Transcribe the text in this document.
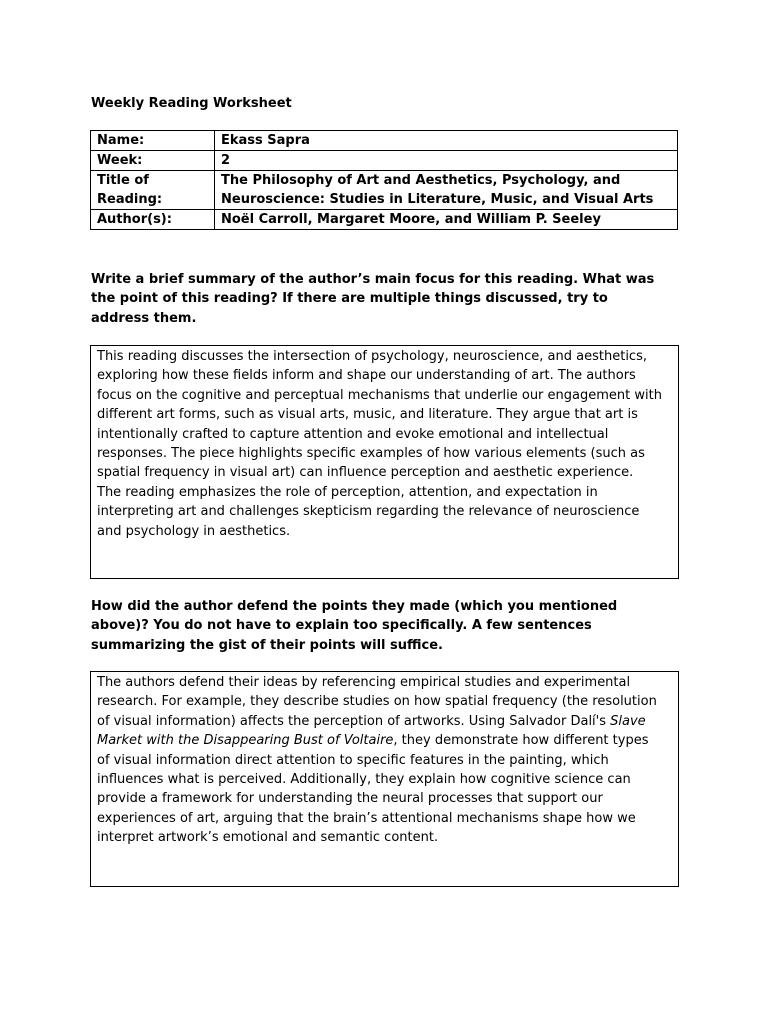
Weekly Reading Worksheet
Name:	Ekass Sapra
Week:	2
Title of
Reading:	The Philosophy of Art and Aesthetics, Psychology, and
Neuroscience: Studies in Literature, Music, and Visual Arts
Author(s):	Noël Carroll, Margaret Moore, and William P. Seeley
Write a brief summary of the author’s main focus for this reading. What was
the point of this reading? If there are multiple things discussed, try to
address them.
This reading discusses the intersection of psychology, neuroscience, and aesthetics,
exploring how these fields inform and shape our understanding of art. The authors
focus on the cognitive and perceptual mechanisms that underlie our engagement with
different art forms, such as visual arts, music, and literature. They argue that art is
intentionally crafted to capture attention and evoke emotional and intellectual
responses. The piece highlights specific examples of how various elements (such as
spatial frequency in visual art) can influence perception and aesthetic experience.
The reading emphasizes the role of perception, attention, and expectation in
interpreting art and challenges skepticism regarding the relevance of neuroscience
and psychology in aesthetics.
How did the author defend the points they made (which you mentioned
above)? You do not have to explain too specifically. A few sentences
summarizing the gist of their points will suffice.
The authors defend their ideas by referencing empirical studies and experimental
research. For example, they describe studies on how spatial frequency (the resolution
of visual information) affects the perception of artworks. Using Salvador Dalí's Slave
Market with the Disappearing Bust of Voltaire, they demonstrate how different types
of visual information direct attention to specific features in the painting, which
influences what is perceived. Additionally, they explain how cognitive science can
provide a framework for understanding the neural processes that support our
experiences of art, arguing that the brain’s attentional mechanisms shape how we
interpret artwork’s emotional and semantic content.
